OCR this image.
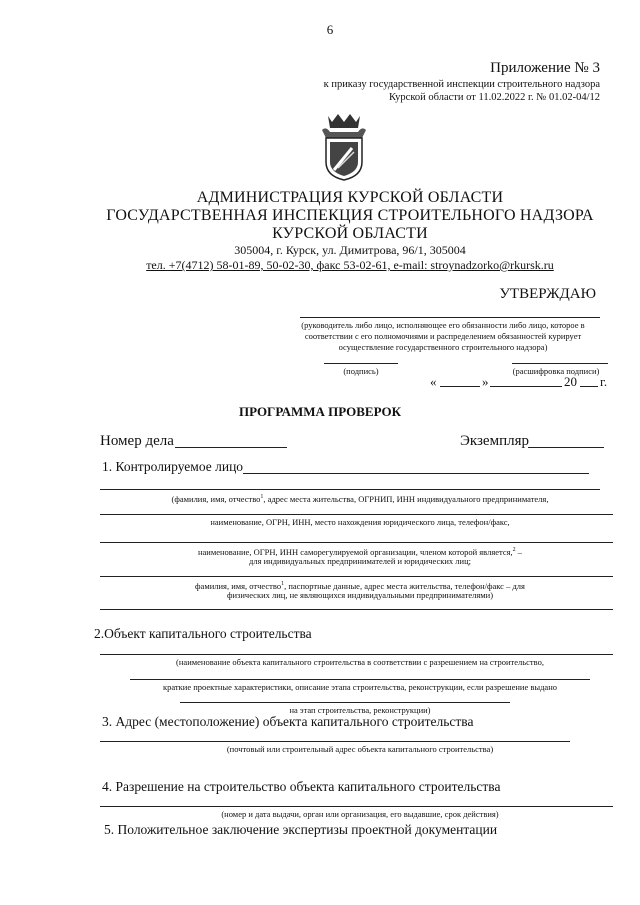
6
Приложение № 3
к приказу государственной инспекции строительного надзора
Курской области от 11.02.2022 г. № 01.02-04/12
АДМИНИСТРАЦИЯ КУРСКОЙ ОБЛАСТИ
ГОСУДАРСТВЕННАЯ ИНСПЕКЦИЯ СТРОИТЕЛЬНОГО НАДЗОРА
КУРСКОЙ ОБЛАСТИ
305004, г. Курск, ул. Димитрова, 96/1, 305004
тел. +7(4712) 58-01-89, 50-02-30, факс 53-02-61, e-mail: stroynadzorko@rkursk.ru
УТВЕРЖДАЮ
(руководитель либо лицо, исполняющее его обязанности либо лицо, которое в
соответствии с его полномочиями и распределением обязанностей курирует
осуществление государственного строительного надзора)
(подпись)	(расшифровка подписи)
«	»	20 г.
ПРОГРАММА ПРОВЕРОК
Номер дела	Экземпляр
1. Контролируемое лицо
(фамилия, имя, отчество$^1$, адрес места жительства, ОГРНИП, ИНН индивидуального предпринимателя,
наименование, ОГРН, ИНН, место нахождения юридического лица, телефон/факс,
наименование, ОГРН, ИНН саморегулируемой организации, членом которой является,$^2$ –
для индивидуальных предпринимателей и юридических лиц;
фамилия, имя, отчество$^1$, паспортные данные, адрес места жительства, телефон/факс – для
физических лиц, не являющихся индивидуальными предпринимателями)
2.Объект капитального строительства
(наименование объекта капитального строительства в соответствии с разрешением на строительство,
краткие проектные характеристики, описание этапа строительства, реконструкции, если разрешение выдано
на этап строительства, реконструкции)
3. Адрес (местоположение) объекта капитального строительства
(почтовый или строительный адрес объекта капитального строительства)
4. Разрешение на строительство объекта капитального строительства
(номер и дата выдачи, орган или организация, его выдавшие, срок действия)
5. Положительное заключение экспертизы проектной документации
